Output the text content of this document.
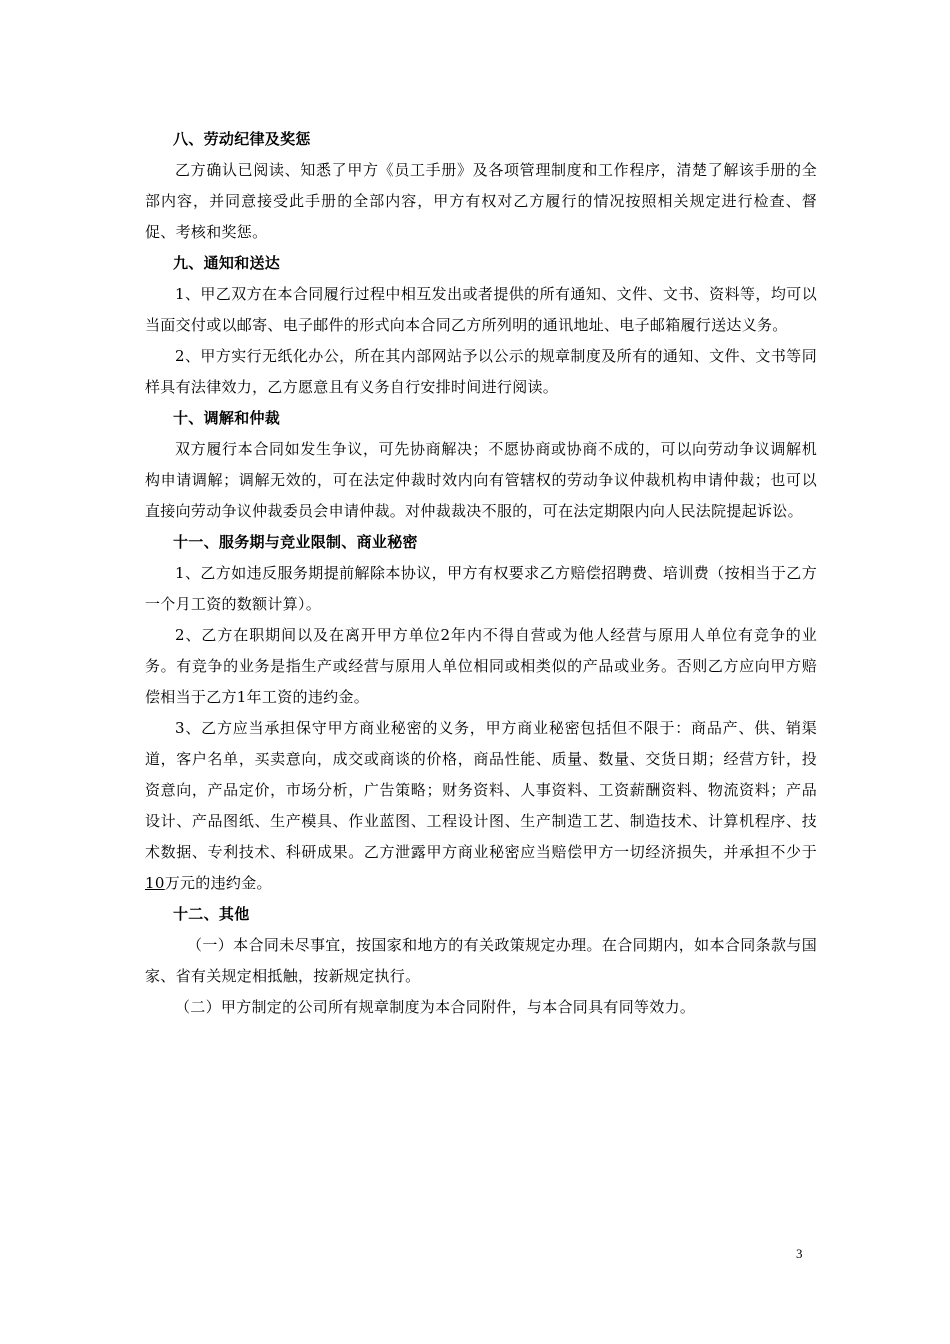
八、劳动纪律及奖惩

乙方确认已阅读、知悉了甲方《员工手册》及各项管理制度和工作程序，清楚了解该手册的全部内容，并同意接受此手册的全部内容，甲方有权对乙方履行的情况按照相关规定进行检查、督促、考核和奖惩。

九、通知和送达

1、甲乙双方在本合同履行过程中相互发出或者提供的所有通知、文件、文书、资料等，均可以当面交付或以邮寄、电子邮件的形式向本合同乙方所列明的通讯地址、电子邮箱履行送达义务。

2、甲方实行无纸化办公，所在其内部网站予以公示的规章制度及所有的通知、文件、文书等同样具有法律效力，乙方愿意且有义务自行安排时间进行阅读。

十、调解和仲裁

双方履行本合同如发生争议，可先协商解决；不愿协商或协商不成的，可以向劳动争议调解机构申请调解；调解无效的，可在法定仲裁时效内向有管辖权的劳动争议仲裁机构申请仲裁；也可以直接向劳动争议仲裁委员会申请仲裁。对仲裁裁决不服的，可在法定期限内向人民法院提起诉讼。

十一、服务期与竞业限制、商业秘密

1、乙方如违反服务期提前解除本协议，甲方有权要求乙方赔偿招聘费、培训费（按相当于乙方一个月工资的数额计算）。

2、乙方在职期间以及在离开甲方单位2年内不得自营或为他人经营与原用人单位有竞争的业务。有竞争的业务是指生产或经营与原用人单位相同或相类似的产品或业务。否则乙方应向甲方赔偿相当于乙方1年工资的违约金。

3、乙方应当承担保守甲方商业秘密的义务，甲方商业秘密包括但不限于：商品产、供、销渠道，客户名单，买卖意向，成交或商谈的价格，商品性能、质量、数量、交货日期；经营方针，投资意向，产品定价，市场分析，广告策略；财务资料、人事资料、工资薪酬资料、物流资料；产品设计、产品图纸、生产模具、作业蓝图、工程设计图、生产制造工艺、制造技术、计算机程序、技术数据、专利技术、科研成果。乙方泄露甲方商业秘密应当赔偿甲方一切经济损失，并承担不少于10万元的违约金。

十二、其他

（一）本合同未尽事宜，按国家和地方的有关政策规定办理。在合同期内，如本合同条款与国家、省有关规定相抵触，按新规定执行。

（二）甲方制定的公司所有规章制度为本合同附件，与本合同具有同等效力。

3
